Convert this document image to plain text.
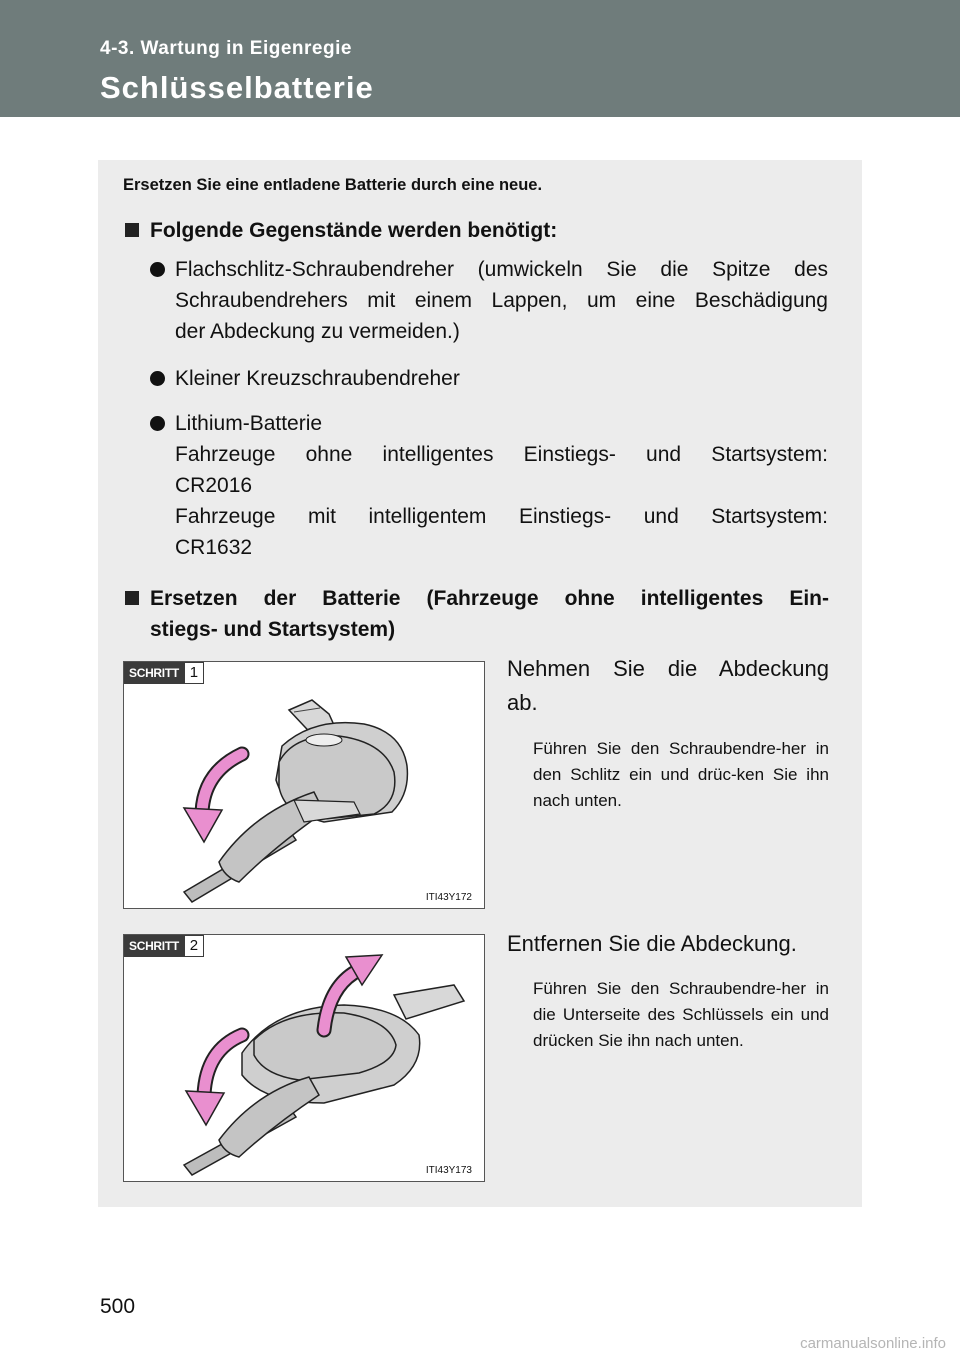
4-3. Wartung in Eigenregie
Schlüsselbatterie
Ersetzen Sie eine entladene Batterie durch eine neue.
Folgende Gegenstände werden benötigt:
Flachschlitz-Schraubendreher (umwickeln Sie die Spitze des
Schraubendrehers mit einem Lappen, um eine Beschädigung
der Abdeckung zu vermeiden.)
Kleiner Kreuzschraubendreher
Lithium-Batterie
Fahrzeuge ohne intelligentes Einstiegs- und Startsystem:
CR2016
Fahrzeuge mit intelligentem Einstiegs- und Startsystem:
CR1632
Ersetzen der Batterie (Fahrzeuge ohne intelligentes Ein-
stiegs- und Startsystem)
SCHRITT 1
ITI43Y172
Nehmen Sie die Abdeckung
ab.
Führen Sie den Schraubendre-her in den Schlitz ein und drüc-ken Sie ihn nach unten.
SCHRITT 2
ITI43Y173
Entfernen Sie die Abdeckung.
Führen Sie den Schraubendre-her in die Unterseite des Schlüssels ein und drücken Sie ihn nach unten.
500
carmanualsonline.info
